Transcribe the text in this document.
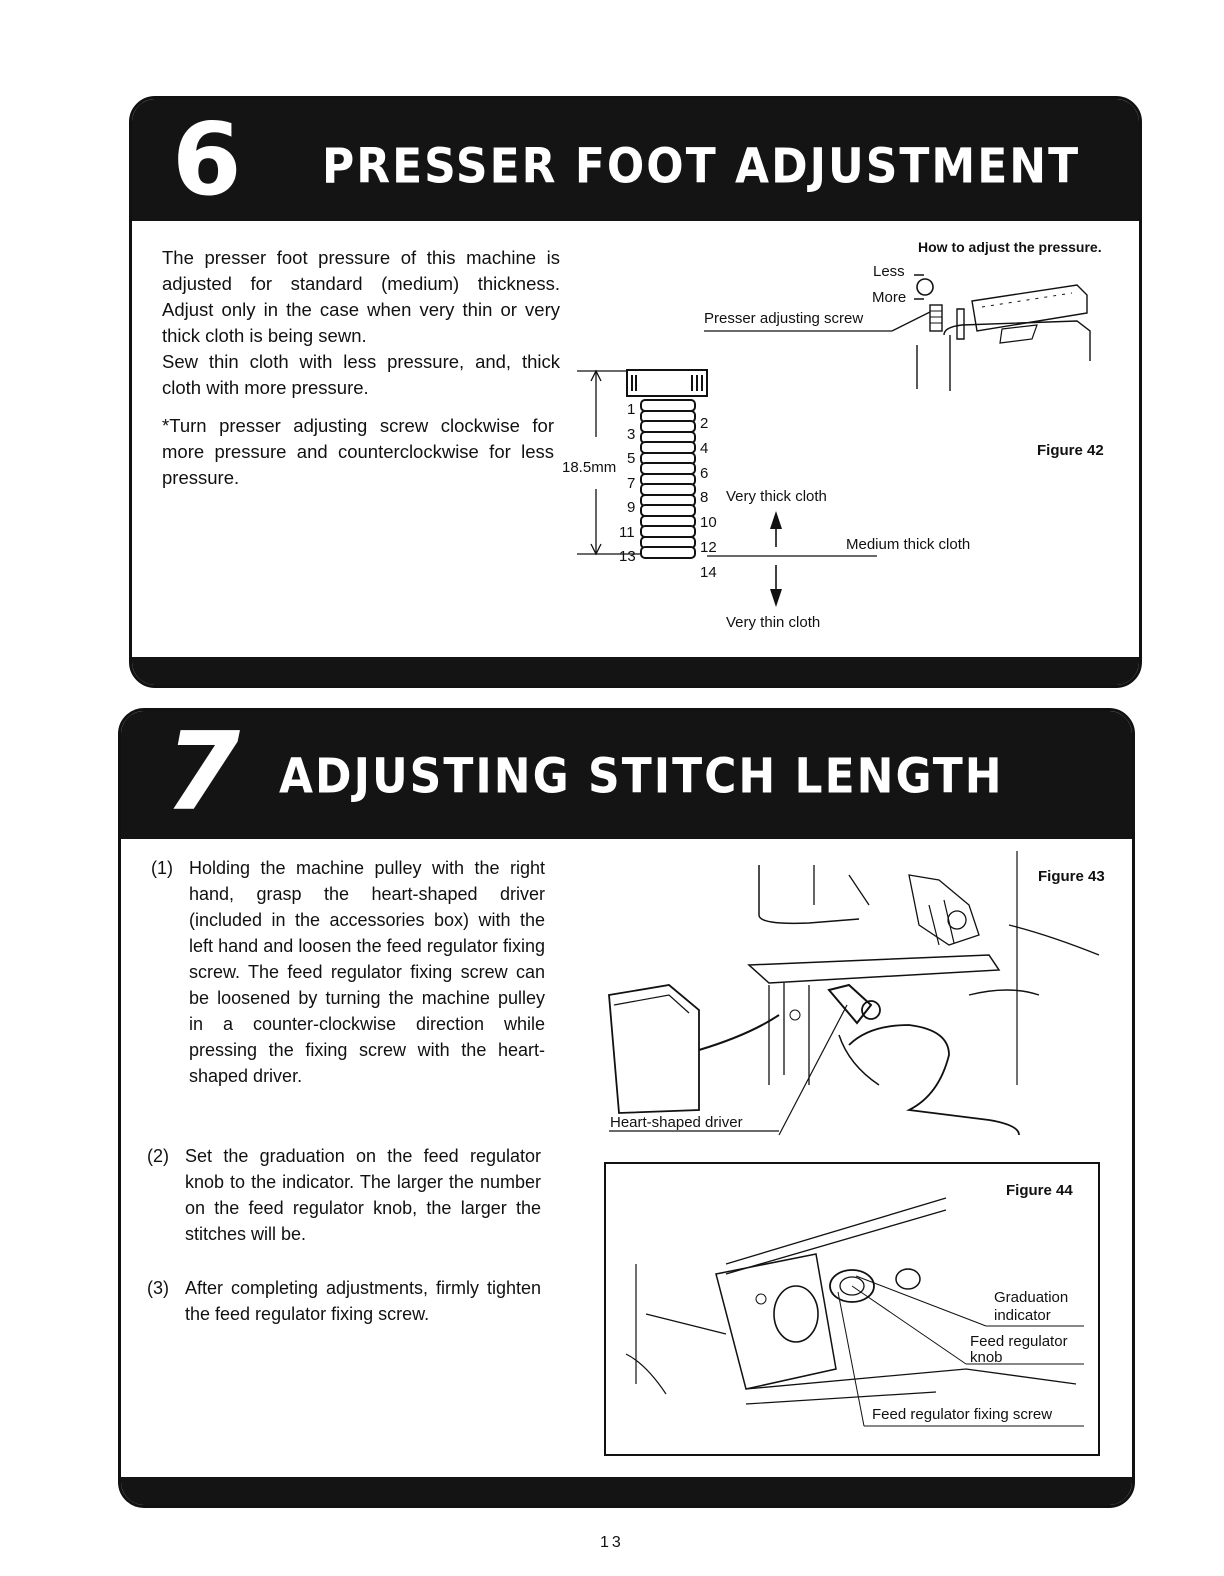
6 PRESSER FOOT ADJUSTMENT
The presser foot pressure of this machine is adjusted for standard (medium) thickness. Adjust only in the case when very thin or very thick cloth is being sewn.
Sew thin cloth with less pressure, and, thick cloth with more pressure.
*Turn presser adjusting screw clockwise for more pressure and counterclockwise for less pressure.
How to adjust the pressure.
Less
More
Presser adjusting screw
Figure 42
18.5mm
Very thick cloth
Medium thick cloth
Very thin cloth
1
3
5
7
9
11
13
2
4
6
8
10
12
14
7 ADJUSTING STITCH LENGTH
(1) Holding the machine pulley with the right hand, grasp the heart-shaped driver (included in the accessories box) with the left hand and loosen the feed regulator fixing screw. The feed regulator fixing screw can be loosened by turning the machine pulley in a counter-clockwise direction while pressing the fixing screw with the heart-shaped driver.
(2) Set the graduation on the feed regulator knob to the indicator. The larger the number on the feed regulator knob, the larger the stitches will be.
(3) After completing adjustments, firmly tighten the feed regulator fixing screw.
Figure 43
Heart-shaped driver
Figure 44
Graduation indicator
Feed regulator knob
Feed regulator fixing screw
13
